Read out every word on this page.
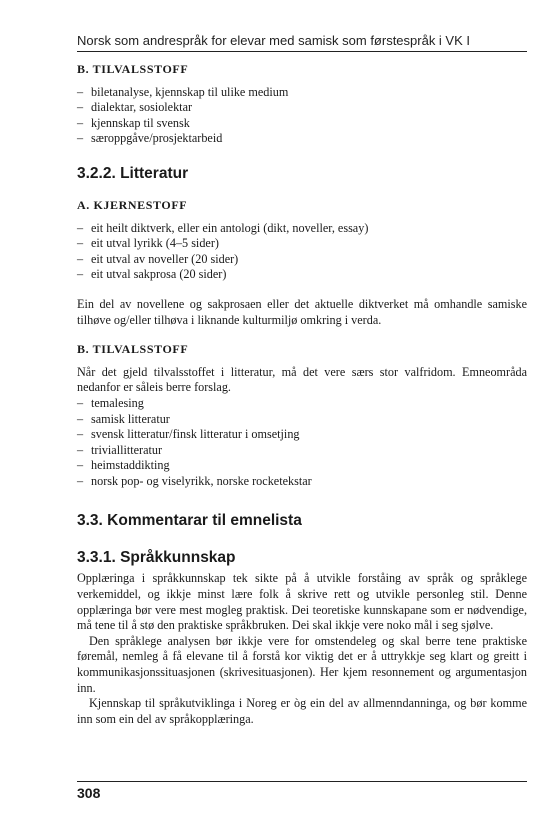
Norsk som andrespråk for elevar med samisk som førstespråk i VK I
B. TILVALSSTOFF
– biletanalyse, kjennskap til ulike medium
– dialektar, sosiolektar
– kjennskap til svensk
– særoppgåve/prosjektarbeid
3.2.2. Litteratur
A. KJERNESTOFF
– eit heilt diktverk, eller ein antologi (dikt, noveller, essay)
– eit utval lyrikk (4–5 sider)
– eit utval av noveller (20 sider)
– eit utval sakprosa (20 sider)

Ein del av novellene og sakprosaen eller det aktuelle diktverket må omhandle samiske tilhøve og/eller tilhøva i liknande kulturmiljø omkring i verda.

B. TILVALSSTOFF

Når det gjeld tilvalsstoffet i litteratur, må det vere særs stor valfridom. Emneområda nedanfor er såleis berre forslag.

– temalesing
– samisk litteratur
– svensk litteratur/finsk litteratur i omsetjing
– triviallitteratur
– heimstaddikting
– norsk pop- og viselyrikk, norske rocketekstar
3.3. Kommentarar til emnelista
3.3.1. Språkkunnskap

Opplæringa i språkkunnskap tek sikte på å utvikle forståing av språk og språklege verkemiddel, og ikkje minst lære folk å skrive rett og utvikle personleg stil. Denne opplæringa bør vere mest mogleg praktisk. Dei teoretiske kunnskapane som er nødvendige, må tene til å stø den praktiske språkbruken. Dei skal ikkje vere noko mål i seg sjølve.

Den språklege analysen bør ikkje vere for omstendeleg og skal berre tene praktiske føremål, nemleg å få elevane til å forstå kor viktig det er å uttrykkje seg klart og greitt i kommunikasjonssituasjonen (skrivesituasjonen). Her kjem resonnement og argumentasjon inn.

Kjennskap til språkutviklinga i Noreg er òg ein del av allmenndanninga, og bør komme inn som ein del av språkopplæringa.

308
